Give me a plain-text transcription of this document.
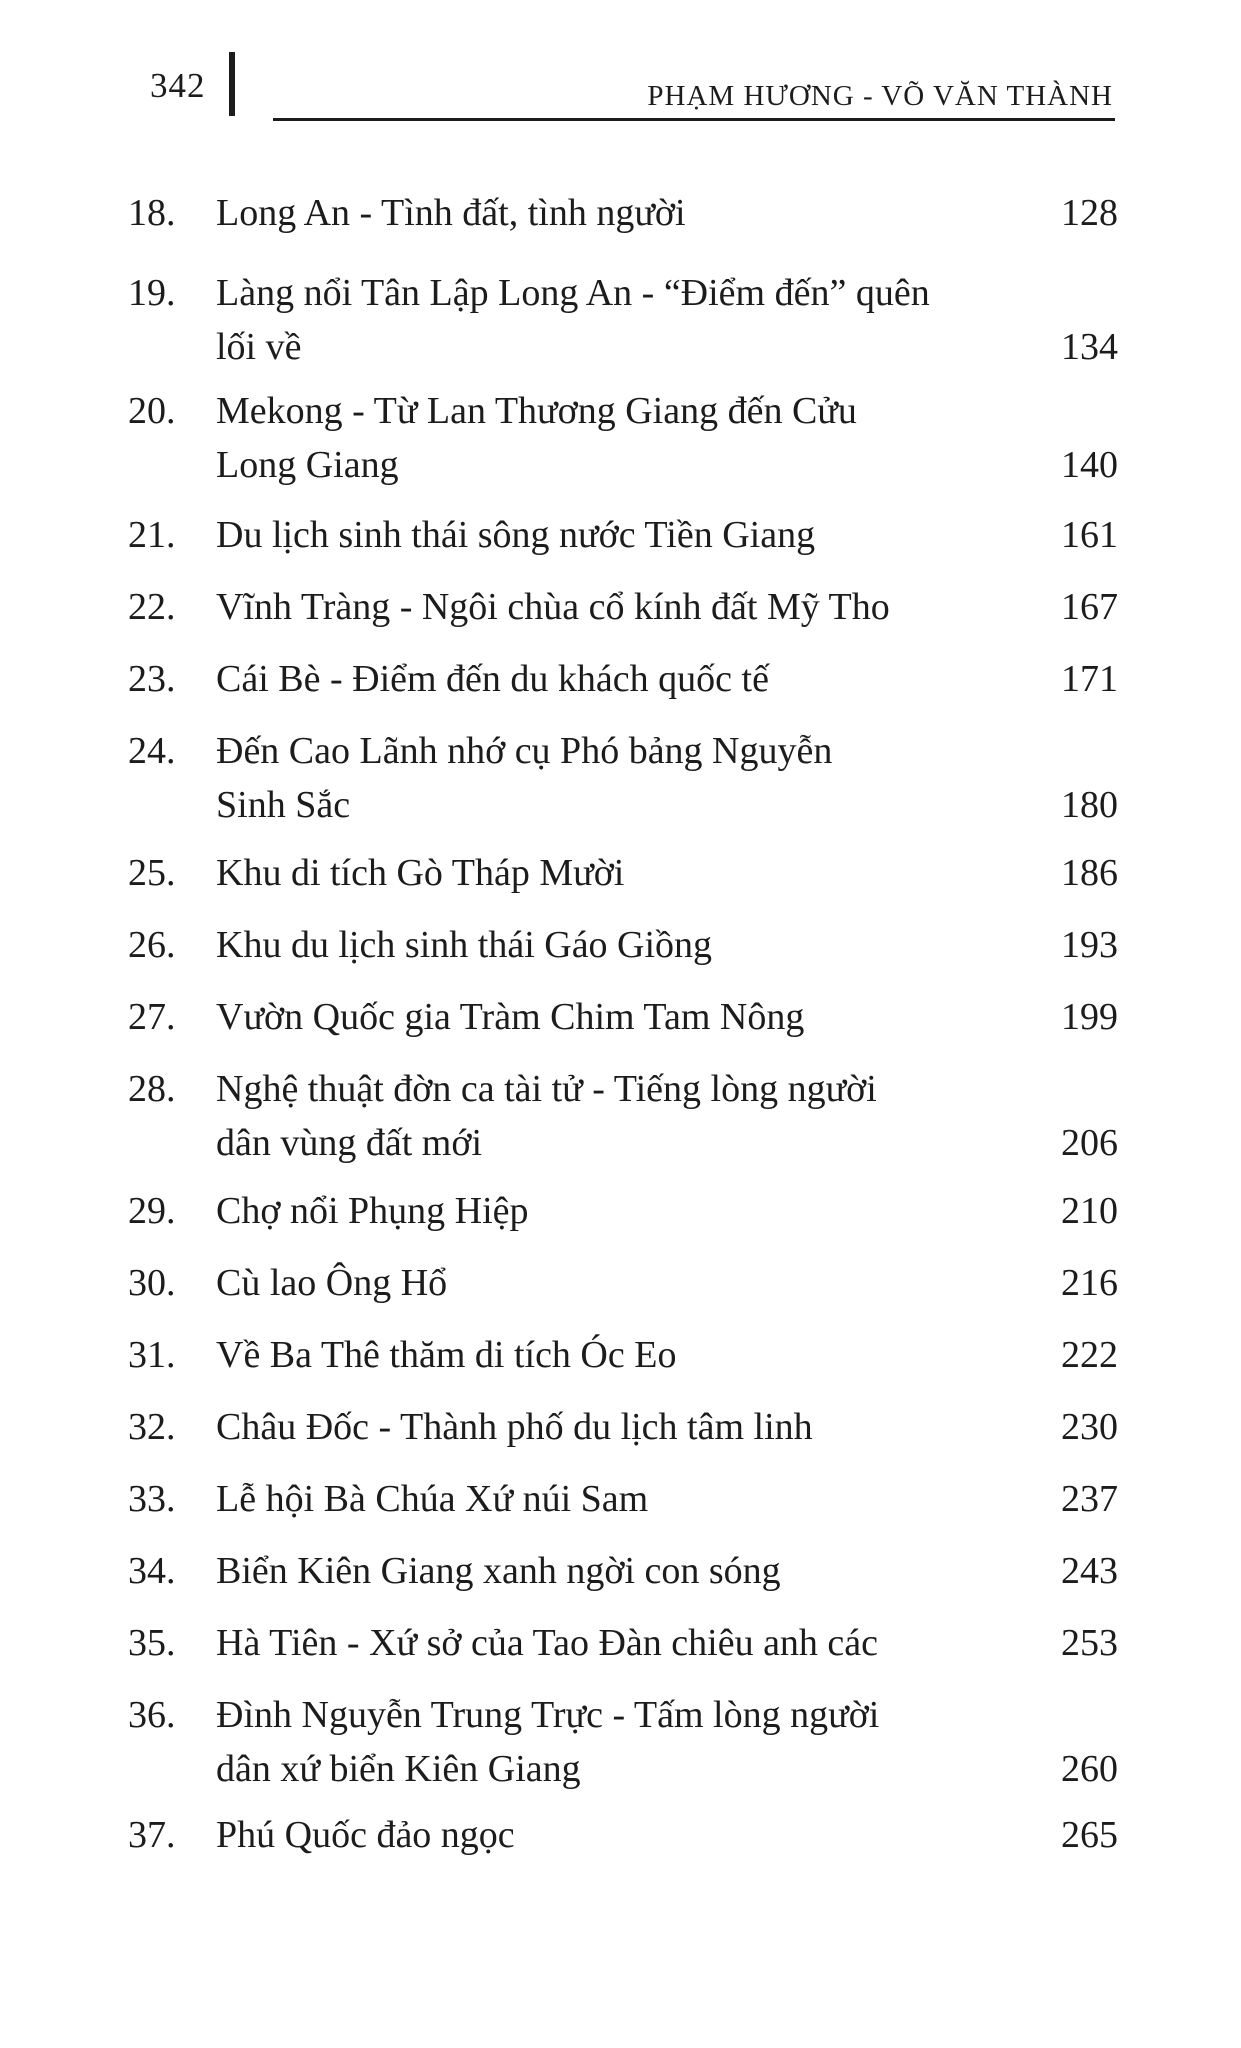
342	PHẠM HƯƠNG - VÕ VĂN THÀNH
18. Long An - Tình đất, tình người	128
19. Làng nổi Tân Lập Long An - “Điểm đến” quên
lối về	134
20. Mekong - Từ Lan Thương Giang đến Cửu
Long Giang	140
21. Du lịch sinh thái sông nước Tiền Giang	161
22. Vĩnh Tràng - Ngôi chùa cổ kính đất Mỹ Tho	167
23. Cái Bè - Điểm đến du khách quốc tế	171
24. Đến Cao Lãnh nhớ cụ Phó bảng Nguyễn
Sinh Sắc	180
25. Khu di tích Gò Tháp Mười	186
26. Khu du lịch sinh thái Gáo Giồng	193
27. Vườn Quốc gia Tràm Chim Tam Nông	199
28. Nghệ thuật đờn ca tài tử - Tiếng lòng người
dân vùng đất mới	206
29. Chợ nổi Phụng Hiệp	210
30. Cù lao Ông Hổ	216
31. Về Ba Thê thăm di tích Óc Eo	222
32. Châu Đốc - Thành phố du lịch tâm linh	230
33. Lễ hội Bà Chúa Xứ núi Sam	237
34. Biển Kiên Giang xanh ngời con sóng	243
35. Hà Tiên - Xứ sở của Tao Đàn chiêu anh các	253
36. Đình Nguyễn Trung Trực - Tấm lòng người
dân xứ biển Kiên Giang	260
37. Phú Quốc đảo ngọc	265
